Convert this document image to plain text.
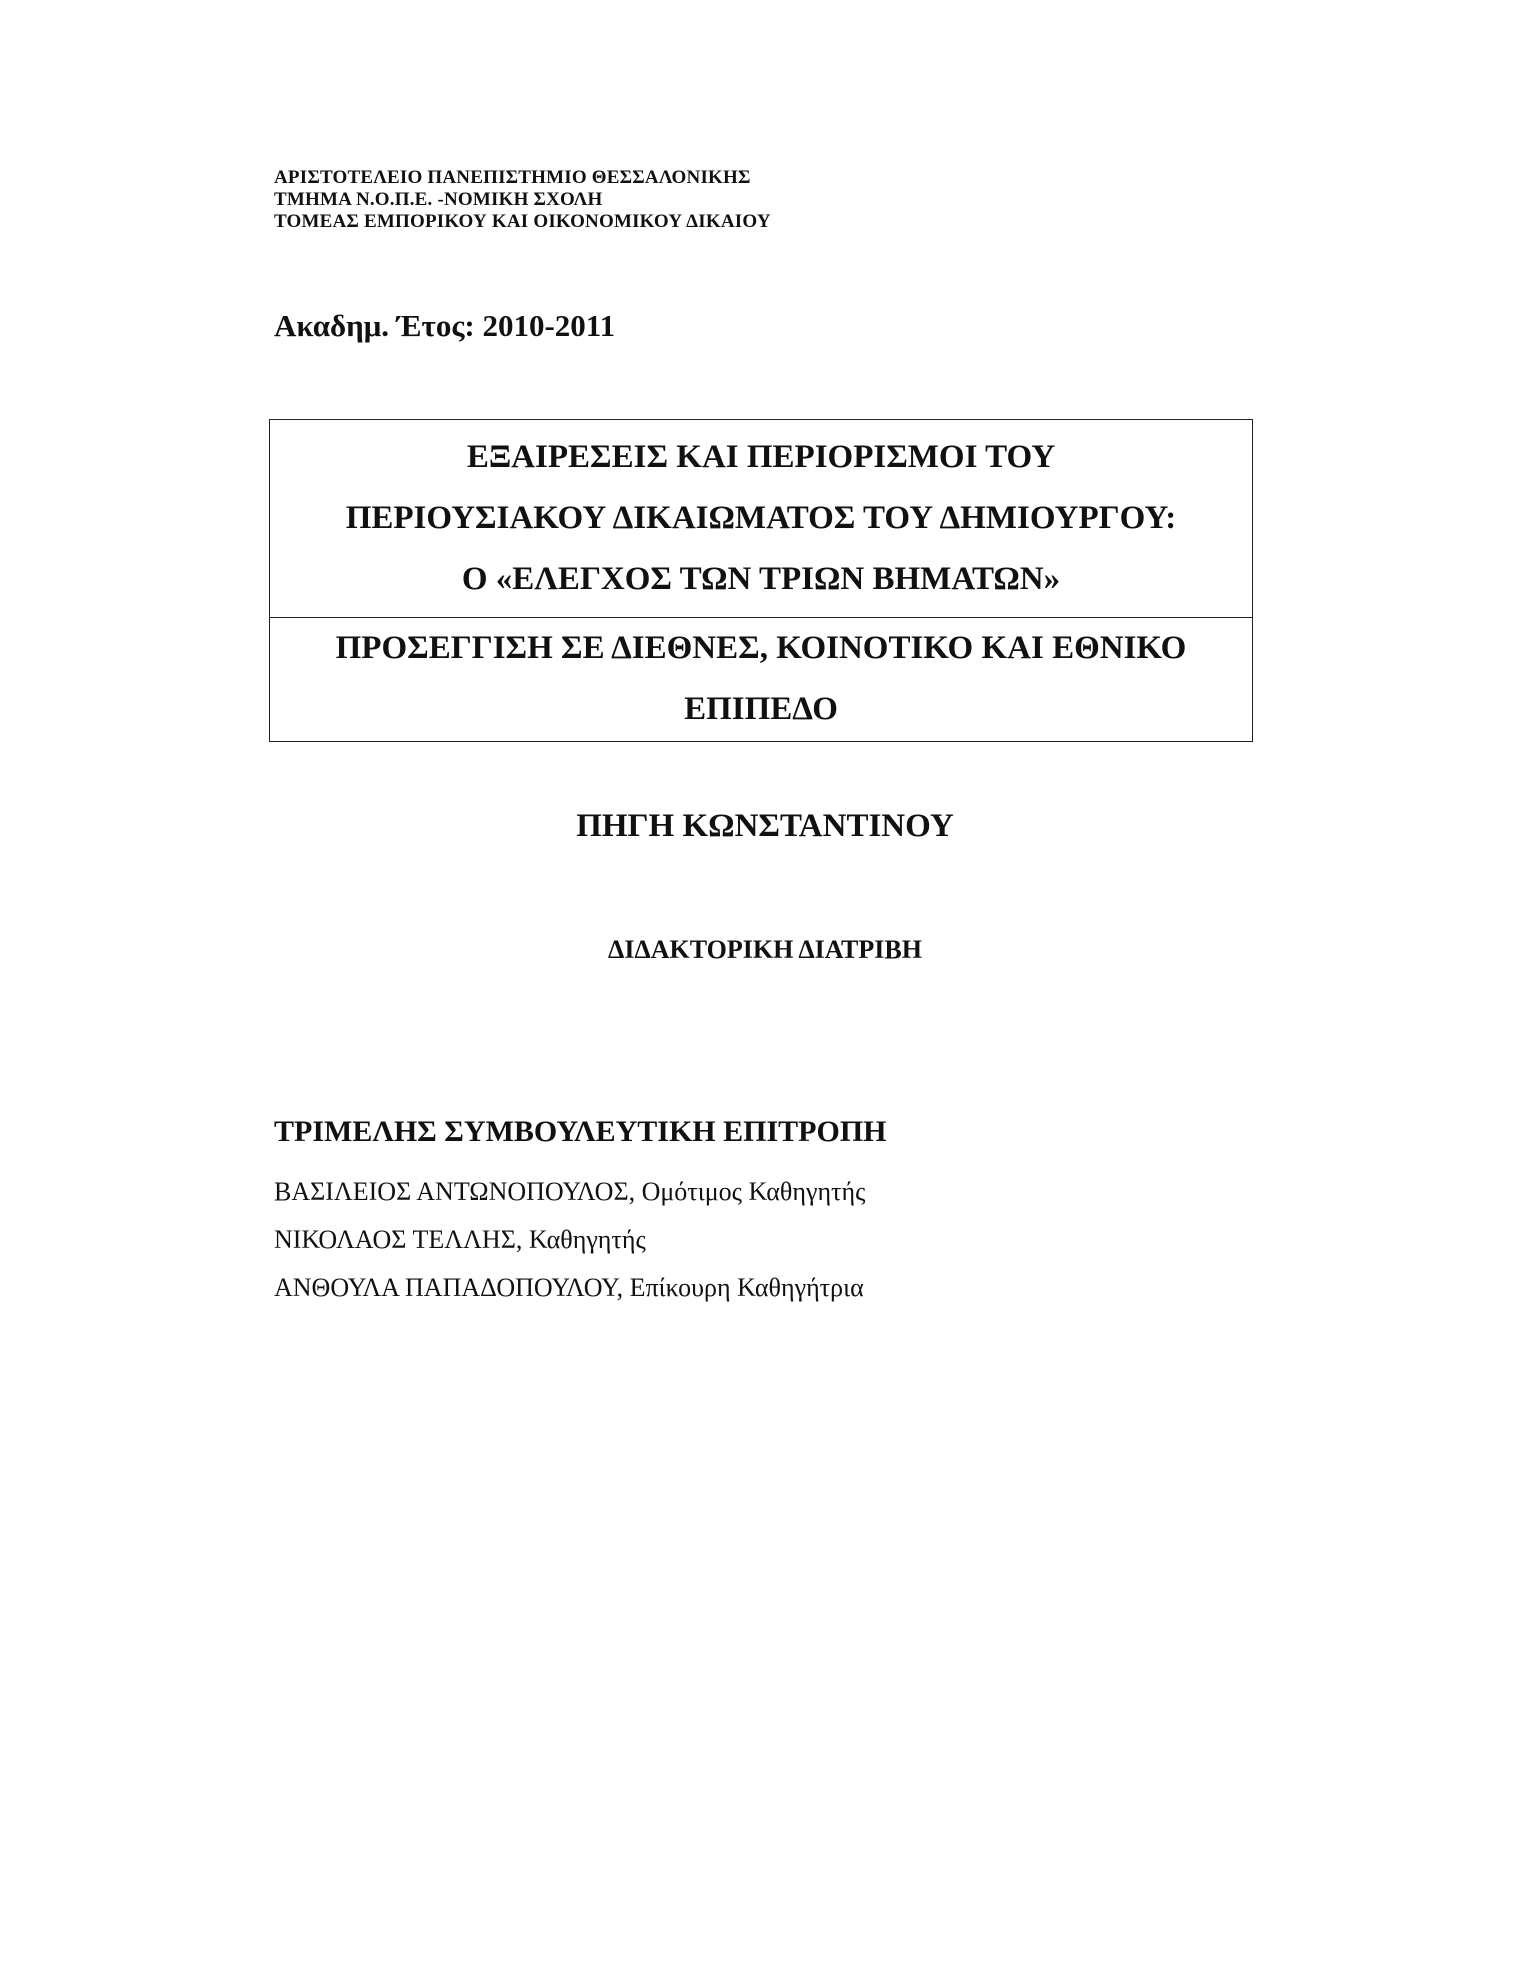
ΑΡΙΣΤΟΤΕΛΕΙΟ ΠΑΝΕΠΙΣΤΗΜΙΟ ΘΕΣΣΑΛΟΝΙΚΗΣ
ΤΜΗΜΑ Ν.Ο.Π.Ε. -ΝΟΜΙΚΗ ΣΧΟΛΗ
ΤΟΜΕΑΣ ΕΜΠΟΡΙΚΟΥ ΚΑΙ ΟΙΚΟΝΟΜΙΚΟΥ ΔΙΚΑΙΟΥ
Ακαδημ. Έτος: 2010-2011
ΕΞΑΙΡΕΣΕΙΣ ΚΑΙ ΠΕΡΙΟΡΙΣΜΟΙ ΤΟΥ
ΠΕΡΙΟΥΣΙΑΚΟΥ ΔΙΚΑΙΩΜΑΤΟΣ ΤΟΥ ΔΗΜΙΟΥΡΓΟΥ:
Ο «ΕΛΕΓΧΟΣ ΤΩΝ ΤΡΙΩΝ ΒΗΜΑΤΩΝ»
ΠΡΟΣΕΓΓΙΣΗ ΣΕ ΔΙΕΘΝΕΣ, ΚΟΙΝΟΤΙΚΟ ΚΑΙ ΕΘΝΙΚΟ
ΕΠΙΠΕΔΟ
ΠΗΓΗ ΚΩΝΣΤΑΝΤΙΝΟΥ
ΔΙΔΑΚΤΟΡΙΚΗ ΔΙΑΤΡΙΒΗ
ΤΡΙΜΕΛΗΣ ΣΥΜΒΟΥΛΕΥΤΙΚΗ ΕΠΙΤΡΟΠΗ
ΒΑΣΙΛΕΙΟΣ ΑΝΤΩΝΟΠΟΥΛΟΣ, Ομότιμος Καθηγητής
ΝΙΚΟΛΑΟΣ ΤΕΛΛΗΣ, Καθηγητής
ΑΝΘΟΥΛΑ ΠΑΠΑΔΟΠΟΥΛΟΥ, Επίκουρη Καθηγήτρια
